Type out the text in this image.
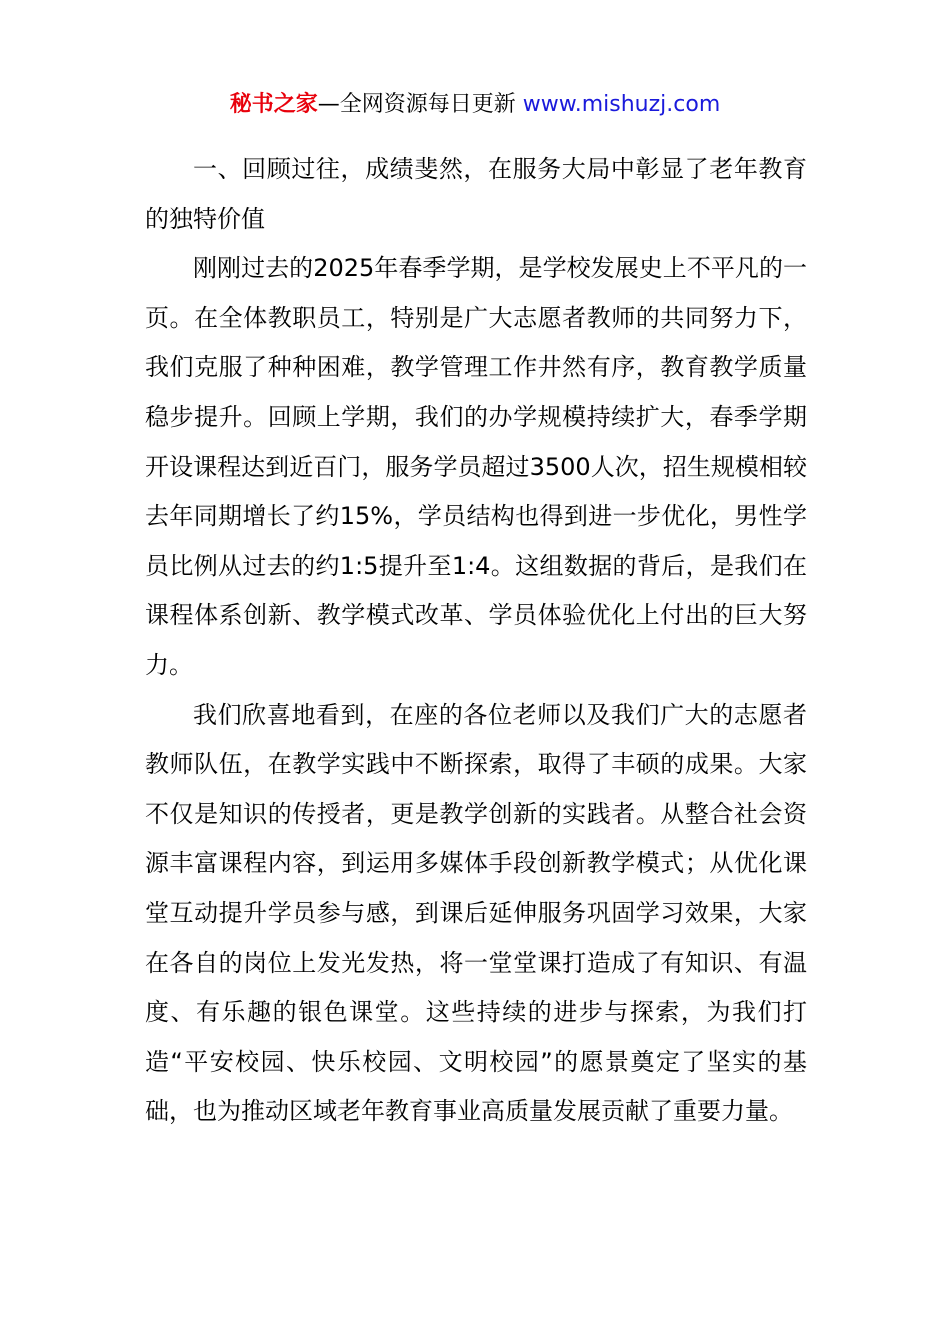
秘书之家—全网资源每日更新 www.mishuzj.com

一、回顾过往，成绩斐然，在服务大局中彰显了老年教育的独特价值

刚刚过去的2025年春季学期，是学校发展史上不平凡的一页。在全体教职员工，特别是广大志愿者教师的共同努力下，我们克服了种种困难，教学管理工作井然有序，教育教学质量稳步提升。回顾上学期，我们的办学规模持续扩大，春季学期开设课程达到近百门，服务学员超过3500人次，招生规模相较去年同期增长了约15%，学员结构也得到进一步优化，男性学员比例从过去的约1:5提升至1:4。这组数据的背后，是我们在课程体系创新、教学模式改革、学员体验优化上付出的巨大努力。

我们欣喜地看到，在座的各位老师以及我们广大的志愿者教师队伍，在教学实践中不断探索，取得了丰硕的成果。大家不仅是知识的传授者，更是教学创新的实践者。从整合社会资源丰富课程内容，到运用多媒体手段创新教学模式；从优化课堂互动提升学员参与感，到课后延伸服务巩固学习效果，大家在各自的岗位上发光发热，将一堂堂课打造成了有知识、有温度、有乐趣的银色课堂。这些持续的进步与探索，为我们打造“平安校园、快乐校园、文明校园”的愿景奠定了坚实的基础，也为推动区域老年教育事业高质量发展贡献了重要力量。
